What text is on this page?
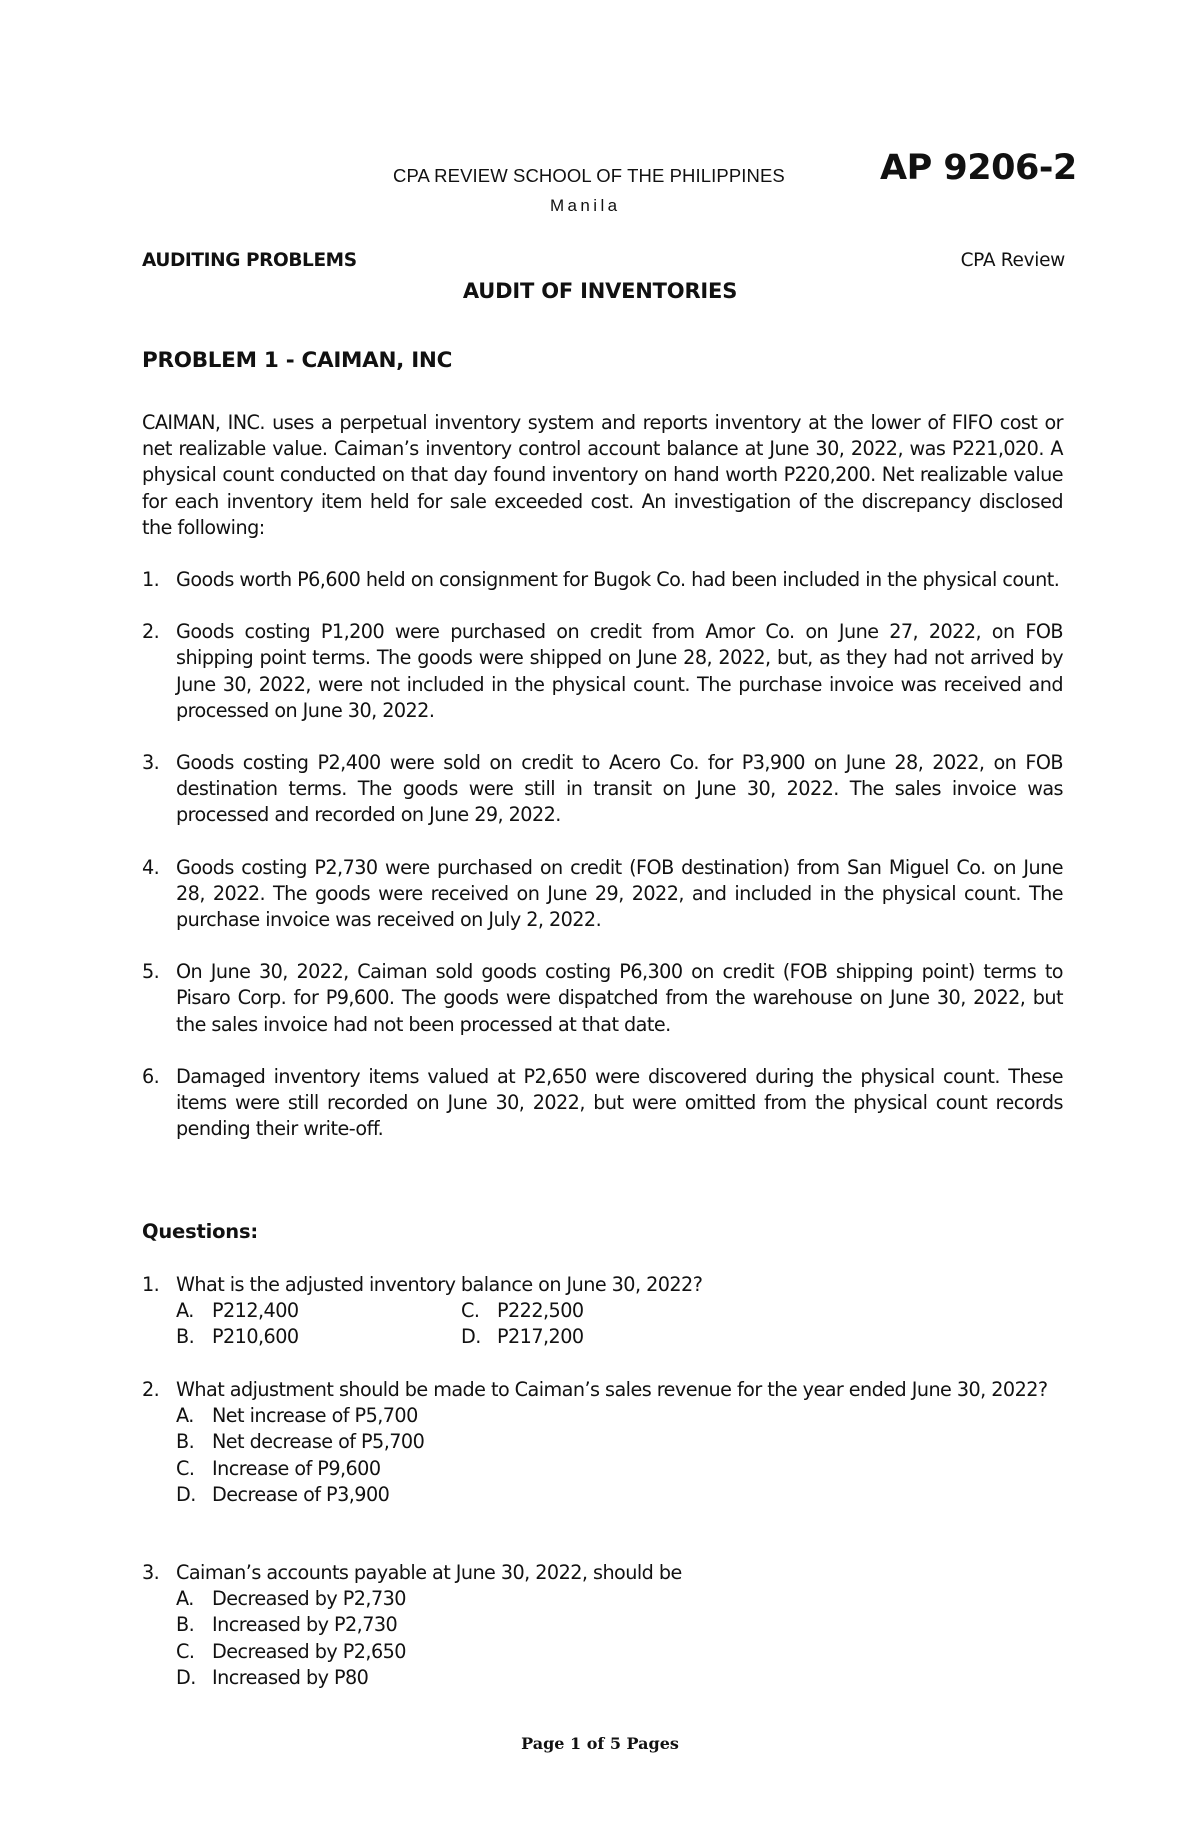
CPA REVIEW SCHOOL OF THE PHILIPPINES
Manila
AP 9206-2
AUDITING PROBLEMS	CPA Review
AUDIT OF INVENTORIES
PROBLEM 1 - CAIMAN, INC

CAIMAN, INC. uses a perpetual inventory system and reports inventory at the lower of FIFO cost or net realizable value. Caiman’s inventory control account balance at June 30, 2022, was P221,020. A physical count conducted on that day found inventory on hand worth P220,200. Net realizable value for each inventory item held for sale exceeded cost. An investigation of the discrepancy disclosed the following:

1. Goods worth P6,600 held on consignment for Bugok Co. had been included in the physical count.
2. Goods costing P1,200 were purchased on credit from Amor Co. on June 27, 2022, on FOB shipping point terms. The goods were shipped on June 28, 2022, but, as they had not arrived by June 30, 2022, were not included in the physical count. The purchase invoice was received and processed on June 30, 2022.
3. Goods costing P2,400 were sold on credit to Acero Co. for P3,900 on June 28, 2022, on FOB destination terms. The goods were still in transit on June 30, 2022. The sales invoice was processed and recorded on June 29, 2022.
4. Goods costing P2,730 were purchased on credit (FOB destination) from San Miguel Co. on June 28, 2022. The goods were received on June 29, 2022, and included in the physical count. The purchase invoice was received on July 2, 2022.
5. On June 30, 2022, Caiman sold goods costing P6,300 on credit (FOB shipping point) terms to Pisaro Corp. for P9,600. The goods were dispatched from the warehouse on June 30, 2022, but the sales invoice had not been processed at that date.
6. Damaged inventory items valued at P2,650 were discovered during the physical count. These items were still recorded on June 30, 2022, but were omitted from the physical count records pending their write-off.
Questions:
1. What is the adjusted inventory balance on June 30, 2022?
A. P212,400	C. P222,500
B. P210,600	D. P217,200
2. What adjustment should be made to Caiman’s sales revenue for the year ended June 30, 2022?
A. Net increase of P5,700
B. Net decrease of P5,700
C. Increase of P9,600
D. Decrease of P3,900
3. Caiman’s accounts payable at June 30, 2022, should be
A. Decreased by P2,730
B. Increased by P2,730
C. Decreased by P2,650
D. Increased by P80
Page 1 of 5 Pages
